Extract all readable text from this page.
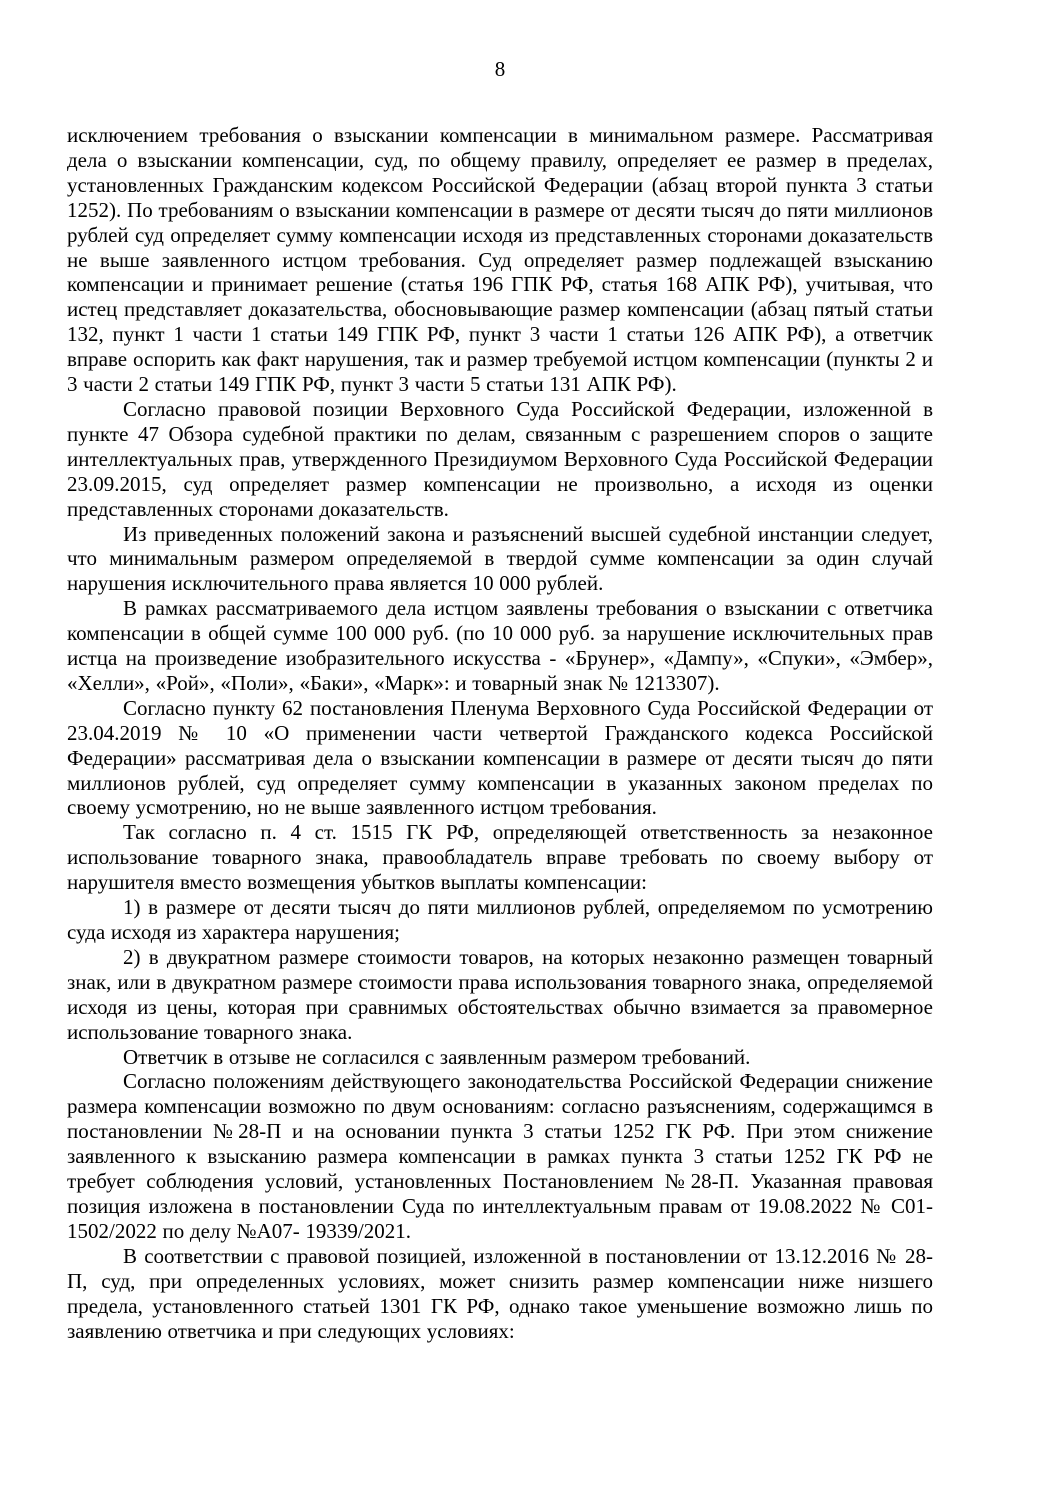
8

исключением требования о взыскании компенсации в минимальном размере. Рассматривая дела о взыскании компенсации, суд, по общему правилу, определяет ее размер в пределах, установленных Гражданским кодексом Российской Федерации (абзац второй пункта 3 статьи 1252). По требованиям о взыскании компенсации в размере от десяти тысяч до пяти миллионов рублей суд определяет сумму компенсации исходя из представленных сторонами доказательств не выше заявленного истцом требования. Суд определяет размер подлежащей взысканию компенсации и принимает решение (статья 196 ГПК РФ, статья 168 АПК РФ), учитывая, что истец представляет доказательства, обосновывающие размер компенсации (абзац пятый статьи 132, пункт 1 части 1 статьи 149 ГПК РФ, пункт 3 части 1 статьи 126 АПК РФ), а ответчик вправе оспорить как факт нарушения, так и размер требуемой истцом компенсации (пункты 2 и 3 части 2 статьи 149 ГПК РФ, пункт 3 части 5 статьи 131 АПК РФ).

Согласно правовой позиции Верховного Суда Российской Федерации, изложенной в пункте 47 Обзора судебной практики по делам, связанным с разрешением споров о защите интеллектуальных прав, утвержденного Президиумом Верховного Суда Российской Федерации 23.09.2015, суд определяет размер компенсации не произвольно, а исходя из оценки представленных сторонами доказательств.

Из приведенных положений закона и разъяснений высшей судебной инстанции следует, что минимальным размером определяемой в твердой сумме компенсации за один случай нарушения исключительного права является 10 000 рублей.

В рамках рассматриваемого дела истцом заявлены требования о взыскании с ответчика компенсации в общей сумме 100 000 руб. (по 10 000 руб. за нарушение исключительных прав истца на произведение изобразительного искусства - «Брунер», «Дампу», «Спуки», «Эмбер», «Хелли», «Рой», «Поли», «Баки», «Марк»: и товарный знак № 1213307).

Согласно пункту 62 постановления Пленума Верховного Суда Российской Федерации от 23.04.2019 № 10 «О применении части четвертой Гражданского кодекса Российской Федерации» рассматривая дела о взыскании компенсации в размере от десяти тысяч до пяти миллионов рублей, суд определяет сумму компенсации в указанных законом пределах по своему усмотрению, но не выше заявленного истцом требования.

Так согласно п. 4 ст. 1515 ГК РФ, определяющей ответственность за незаконное использование товарного знака, правообладатель вправе требовать по своему выбору от нарушителя вместо возмещения убытков выплаты компенсации:

1) в размере от десяти тысяч до пяти миллионов рублей, определяемом по усмотрению суда исходя из характера нарушения;

2) в двукратном размере стоимости товаров, на которых незаконно размещен товарный знак, или в двукратном размере стоимости права использования товарного знака, определяемой исходя из цены, которая при сравнимых обстоятельствах обычно взимается за правомерное использование товарного знака.

Ответчик в отзыве не согласился с заявленным размером требований.

Согласно положениям действующего законодательства Российской Федерации снижение размера компенсации возможно по двум основаниям: согласно разъяснениям, содержащимся в постановлении №28-П и на основании пункта 3 статьи 1252 ГК РФ. При этом снижение заявленного к взысканию размера компенсации в рамках пункта 3 статьи 1252 ГК РФ не требует соблюдения условий, установленных Постановлением №28-П. Указанная правовая позиция изложена в постановлении Суда по интеллектуальным правам от 19.08.2022 № С01-1502/2022 по делу №А07- 19339/2021.

В соответствии с правовой позицией, изложенной в постановлении от 13.12.2016 № 28-П, суд, при определенных условиях, может снизить размер компенсации ниже низшего предела, установленного статьей 1301 ГК РФ, однако такое уменьшение возможно лишь по заявлению ответчика и при следующих условиях:
